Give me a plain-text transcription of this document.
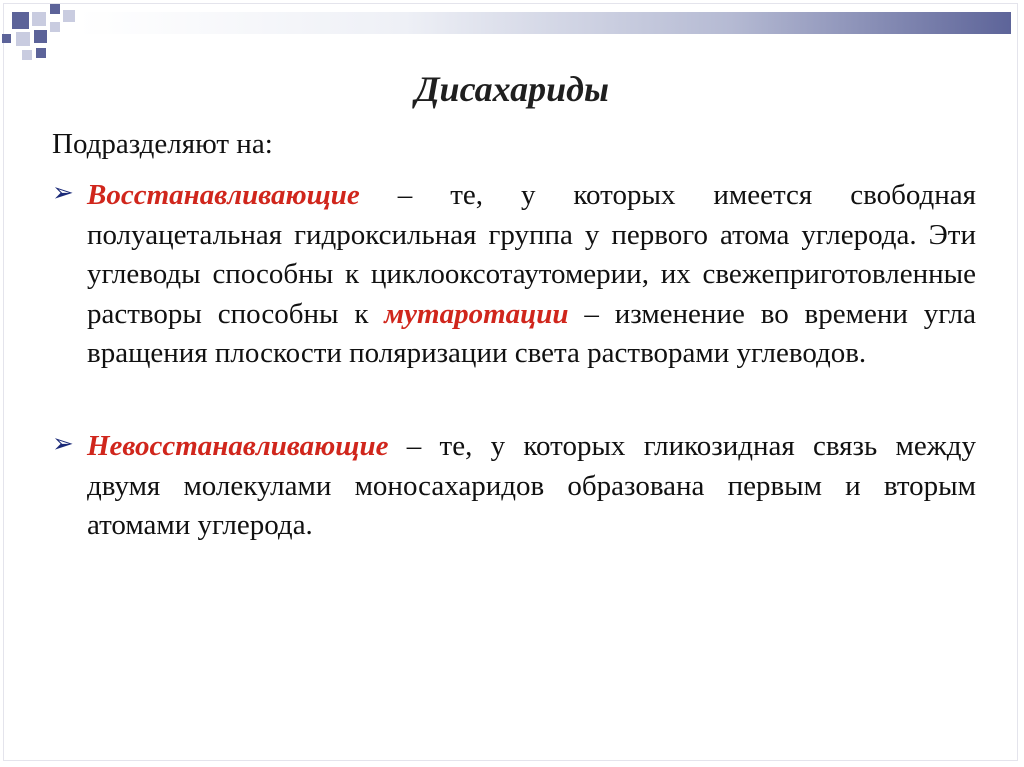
Дисахариды
Подразделяют на:
➢ Восстанавливающие – те, у которых имеется свободная полуацетальная гидроксильная группа у первого атома углерода. Эти углеводы способны к циклооксотаутомерии, их свежеприготовленные растворы способны к мутаротации – изменение во времени угла вращения плоскости поляризации света растворами углеводов.
➢ Невосстанавливающие – те, у которых гликозидная связь между двумя молекулами моносахаридов образована первым и вторым атомами углерода.
